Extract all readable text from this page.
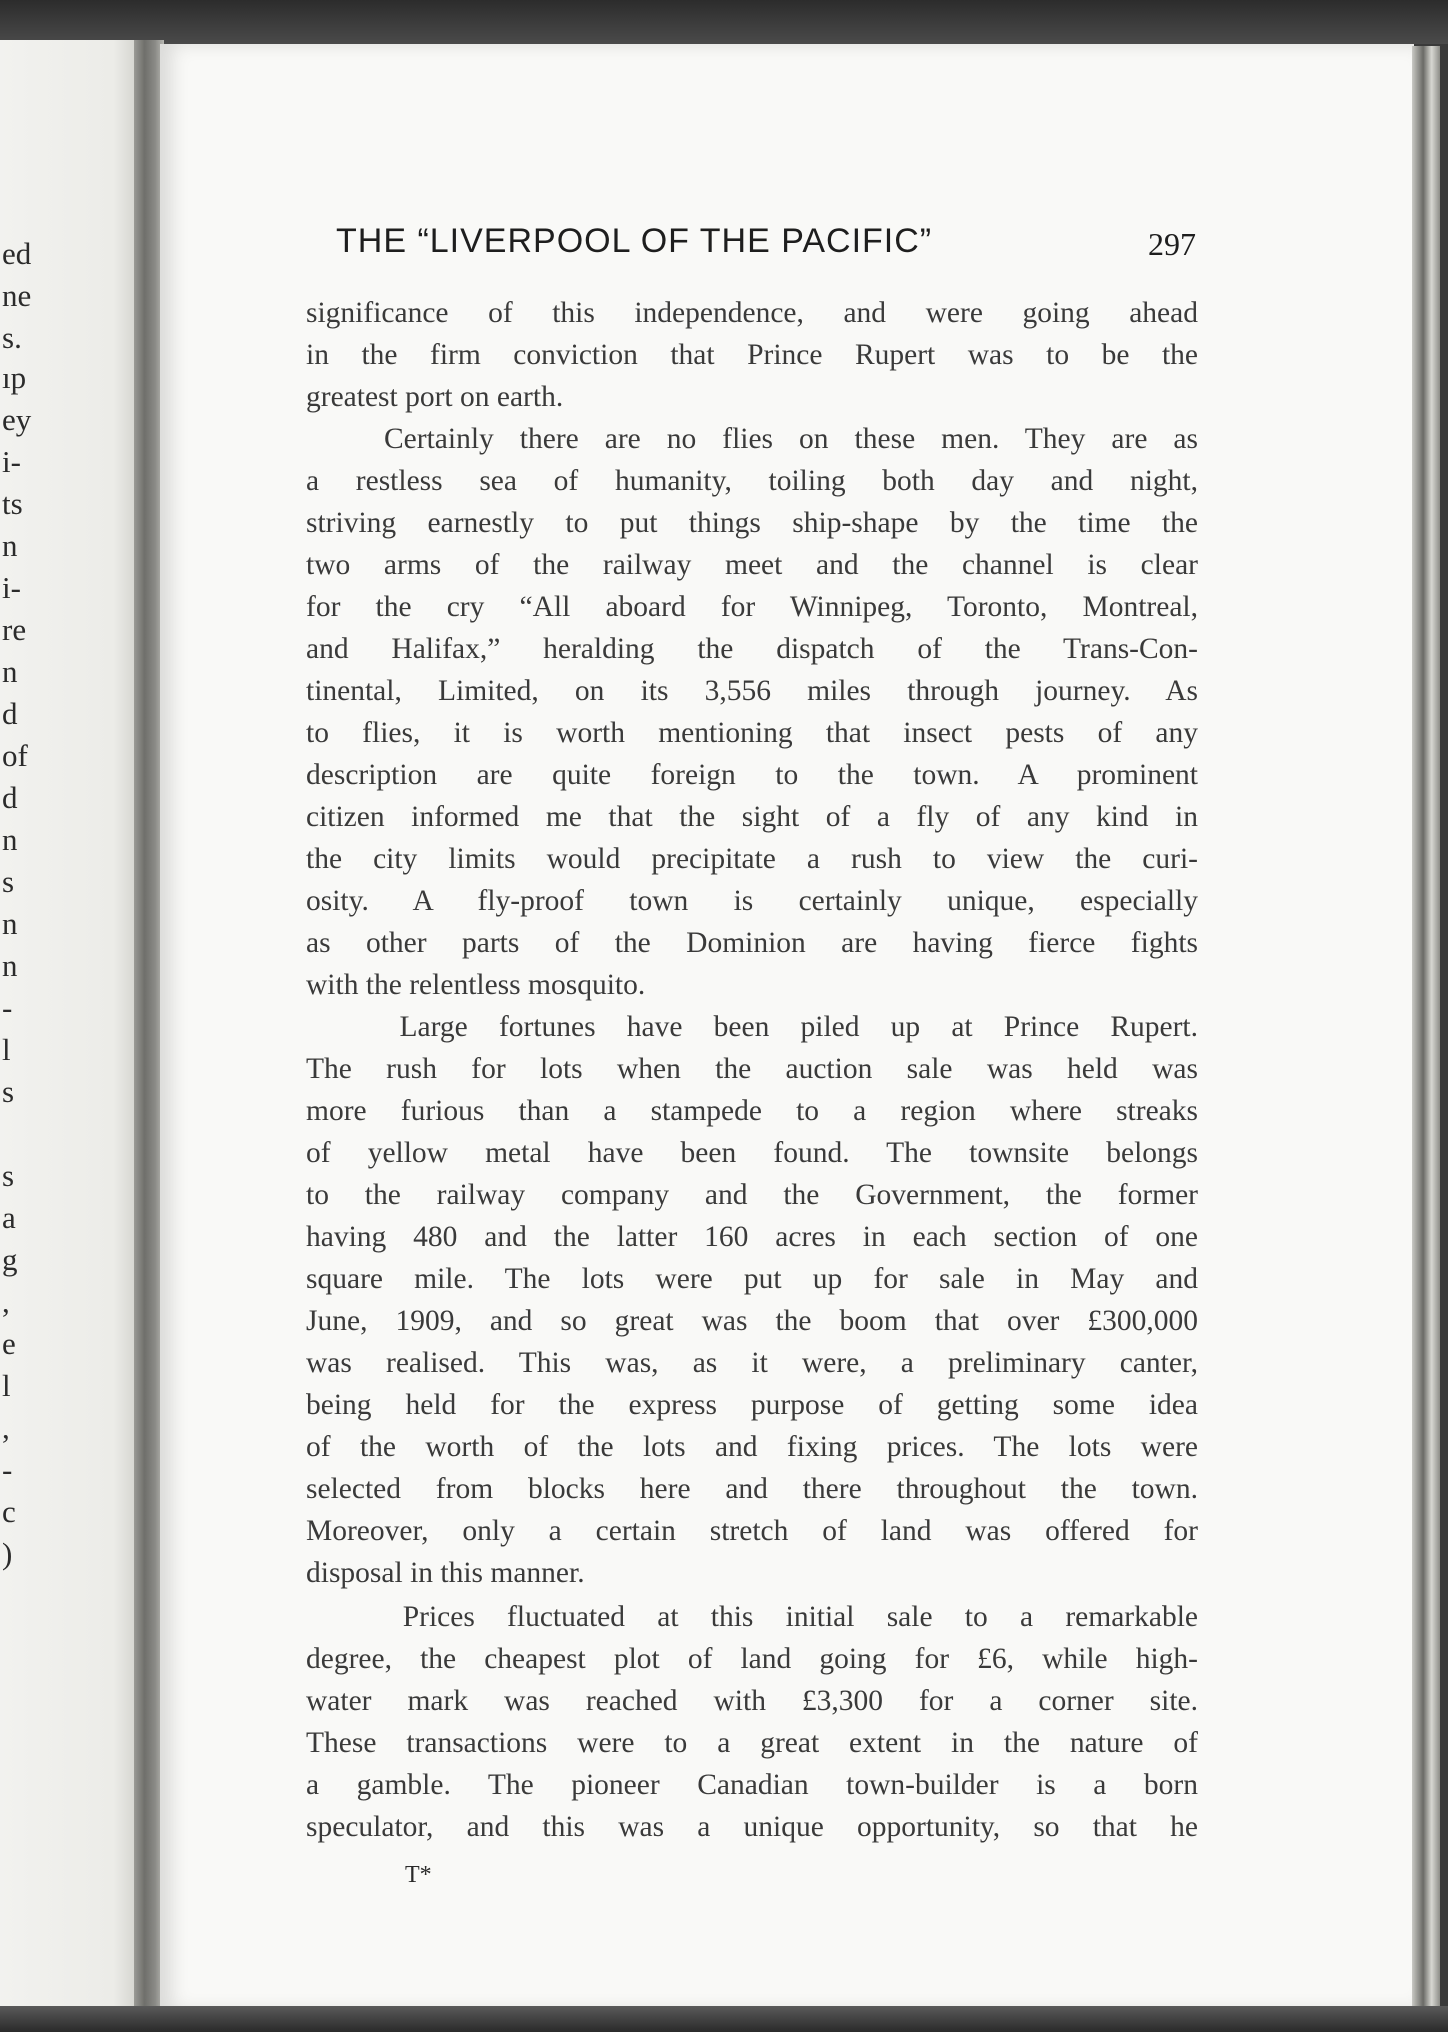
ed
ne
s.
ıp
ey
i-
ts
n
i-
re
n
d
of
d
n
s
n
n
-
l
s
s
a
g
,
e
l
,
-
c
)
THE “LIVERPOOL OF THE PACIFIC”	297
significance of this independence, and were going ahead
in the firm conviction that Prince Rupert was to be the
greatest port on earth.
Certainly there are no flies on these men. They are as
a restless sea of humanity, toiling both day and night,
striving earnestly to put things ship-shape by the time the
two arms of the railway meet and the channel is clear
for the cry “All aboard for Winnipeg, Toronto, Montreal,
and Halifax,” heralding the dispatch of the Trans-Con-
tinental, Limited, on its 3,556 miles through journey. As
to flies, it is worth mentioning that insect pests of any
description are quite foreign to the town. A prominent
citizen informed me that the sight of a fly of any kind in
the city limits would precipitate a rush to view the curi-
osity. A fly-proof town is certainly unique, especially
as other parts of the Dominion are having fierce fights
with the relentless mosquito.
Large fortunes have been piled up at Prince Rupert.
The rush for lots when the auction sale was held was
more furious than a stampede to a region where streaks
of yellow metal have been found. The townsite belongs
to the railway company and the Government, the former
having 480 and the latter 160 acres in each section of one
square mile. The lots were put up for sale in May and
June, 1909, and so great was the boom that over £300,000
was realised. This was, as it were, a preliminary canter,
being held for the express purpose of getting some idea
of the worth of the lots and fixing prices. The lots were
selected from blocks here and there throughout the town.
Moreover, only a certain stretch of land was offered for
disposal in this manner.
Prices fluctuated at this initial sale to a remarkable
degree, the cheapest plot of land going for £6, while high-
water mark was reached with £3,300 for a corner site.
These transactions were to a great extent in the nature of
a gamble. The pioneer Canadian town-builder is a born
speculator, and this was a unique opportunity, so that he
T*
